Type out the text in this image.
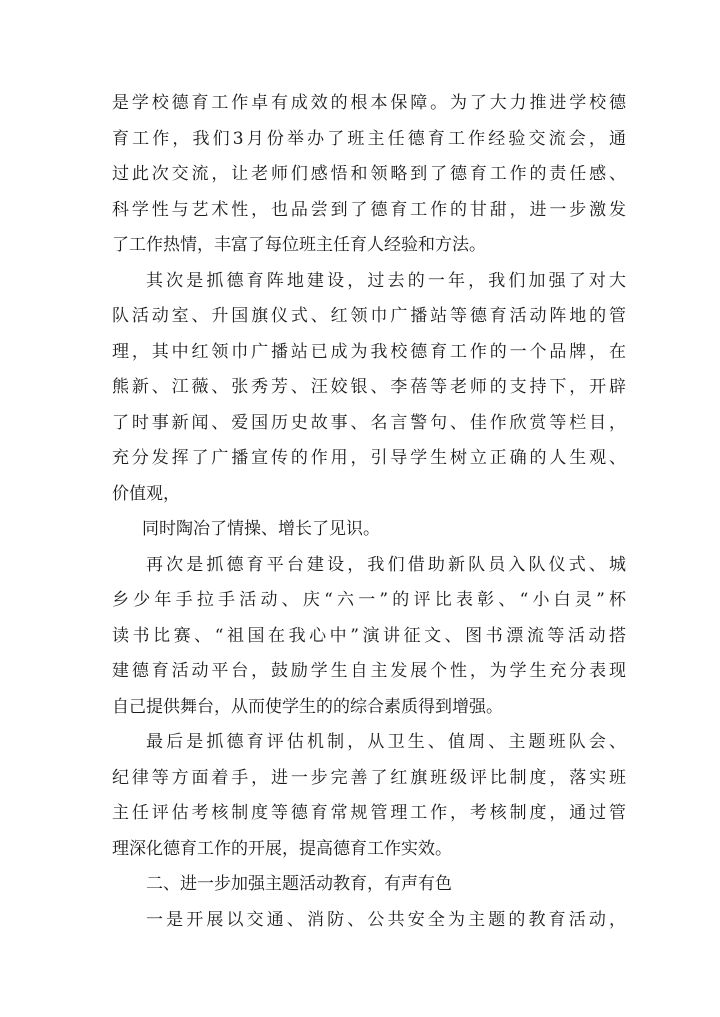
是学校德育工作卓有成效的根本保障。为了大力推进学校德
育工作，我们3月份举办了班主任德育工作经验交流会，通
过此次交流，让老师们感悟和领略到了德育工作的责任感、
科学性与艺术性，也品尝到了德育工作的甘甜，进一步激发
了工作热情，丰富了每位班主任育人经验和方法。
其次是抓德育阵地建设，过去的一年，我们加强了对大
队活动室、升国旗仪式、红领巾广播站等德育活动阵地的管
理，其中红领巾广播站已成为我校德育工作的一个品牌，在
熊新、江薇、张秀芳、汪姣银、李蓓等老师的支持下，开辟
了时事新闻、爱国历史故事、名言警句、佳作欣赏等栏目，
充分发挥了广播宣传的作用，引导学生树立正确的人生观、
价值观，
同时陶冶了情操、增长了见识。
再次是抓德育平台建设，我们借助新队员入队仪式、城
乡少年手拉手活动、庆“六一”的评比表彰、“小白灵”杯
读书比赛、“祖国在我心中”演讲征文、图书漂流等活动搭
建德育活动平台，鼓励学生自主发展个性，为学生充分表现
自己提供舞台，从而使学生的的综合素质得到增强。
最后是抓德育评估机制，从卫生、值周、主题班队会、
纪律等方面着手，进一步完善了红旗班级评比制度，落实班
主任评估考核制度等德育常规管理工作，考核制度，通过管
理深化德育工作的开展，提高德育工作实效。
二、进一步加强主题活动教育，有声有色
一是开展以交通、消防、公共安全为主题的教育活动，
